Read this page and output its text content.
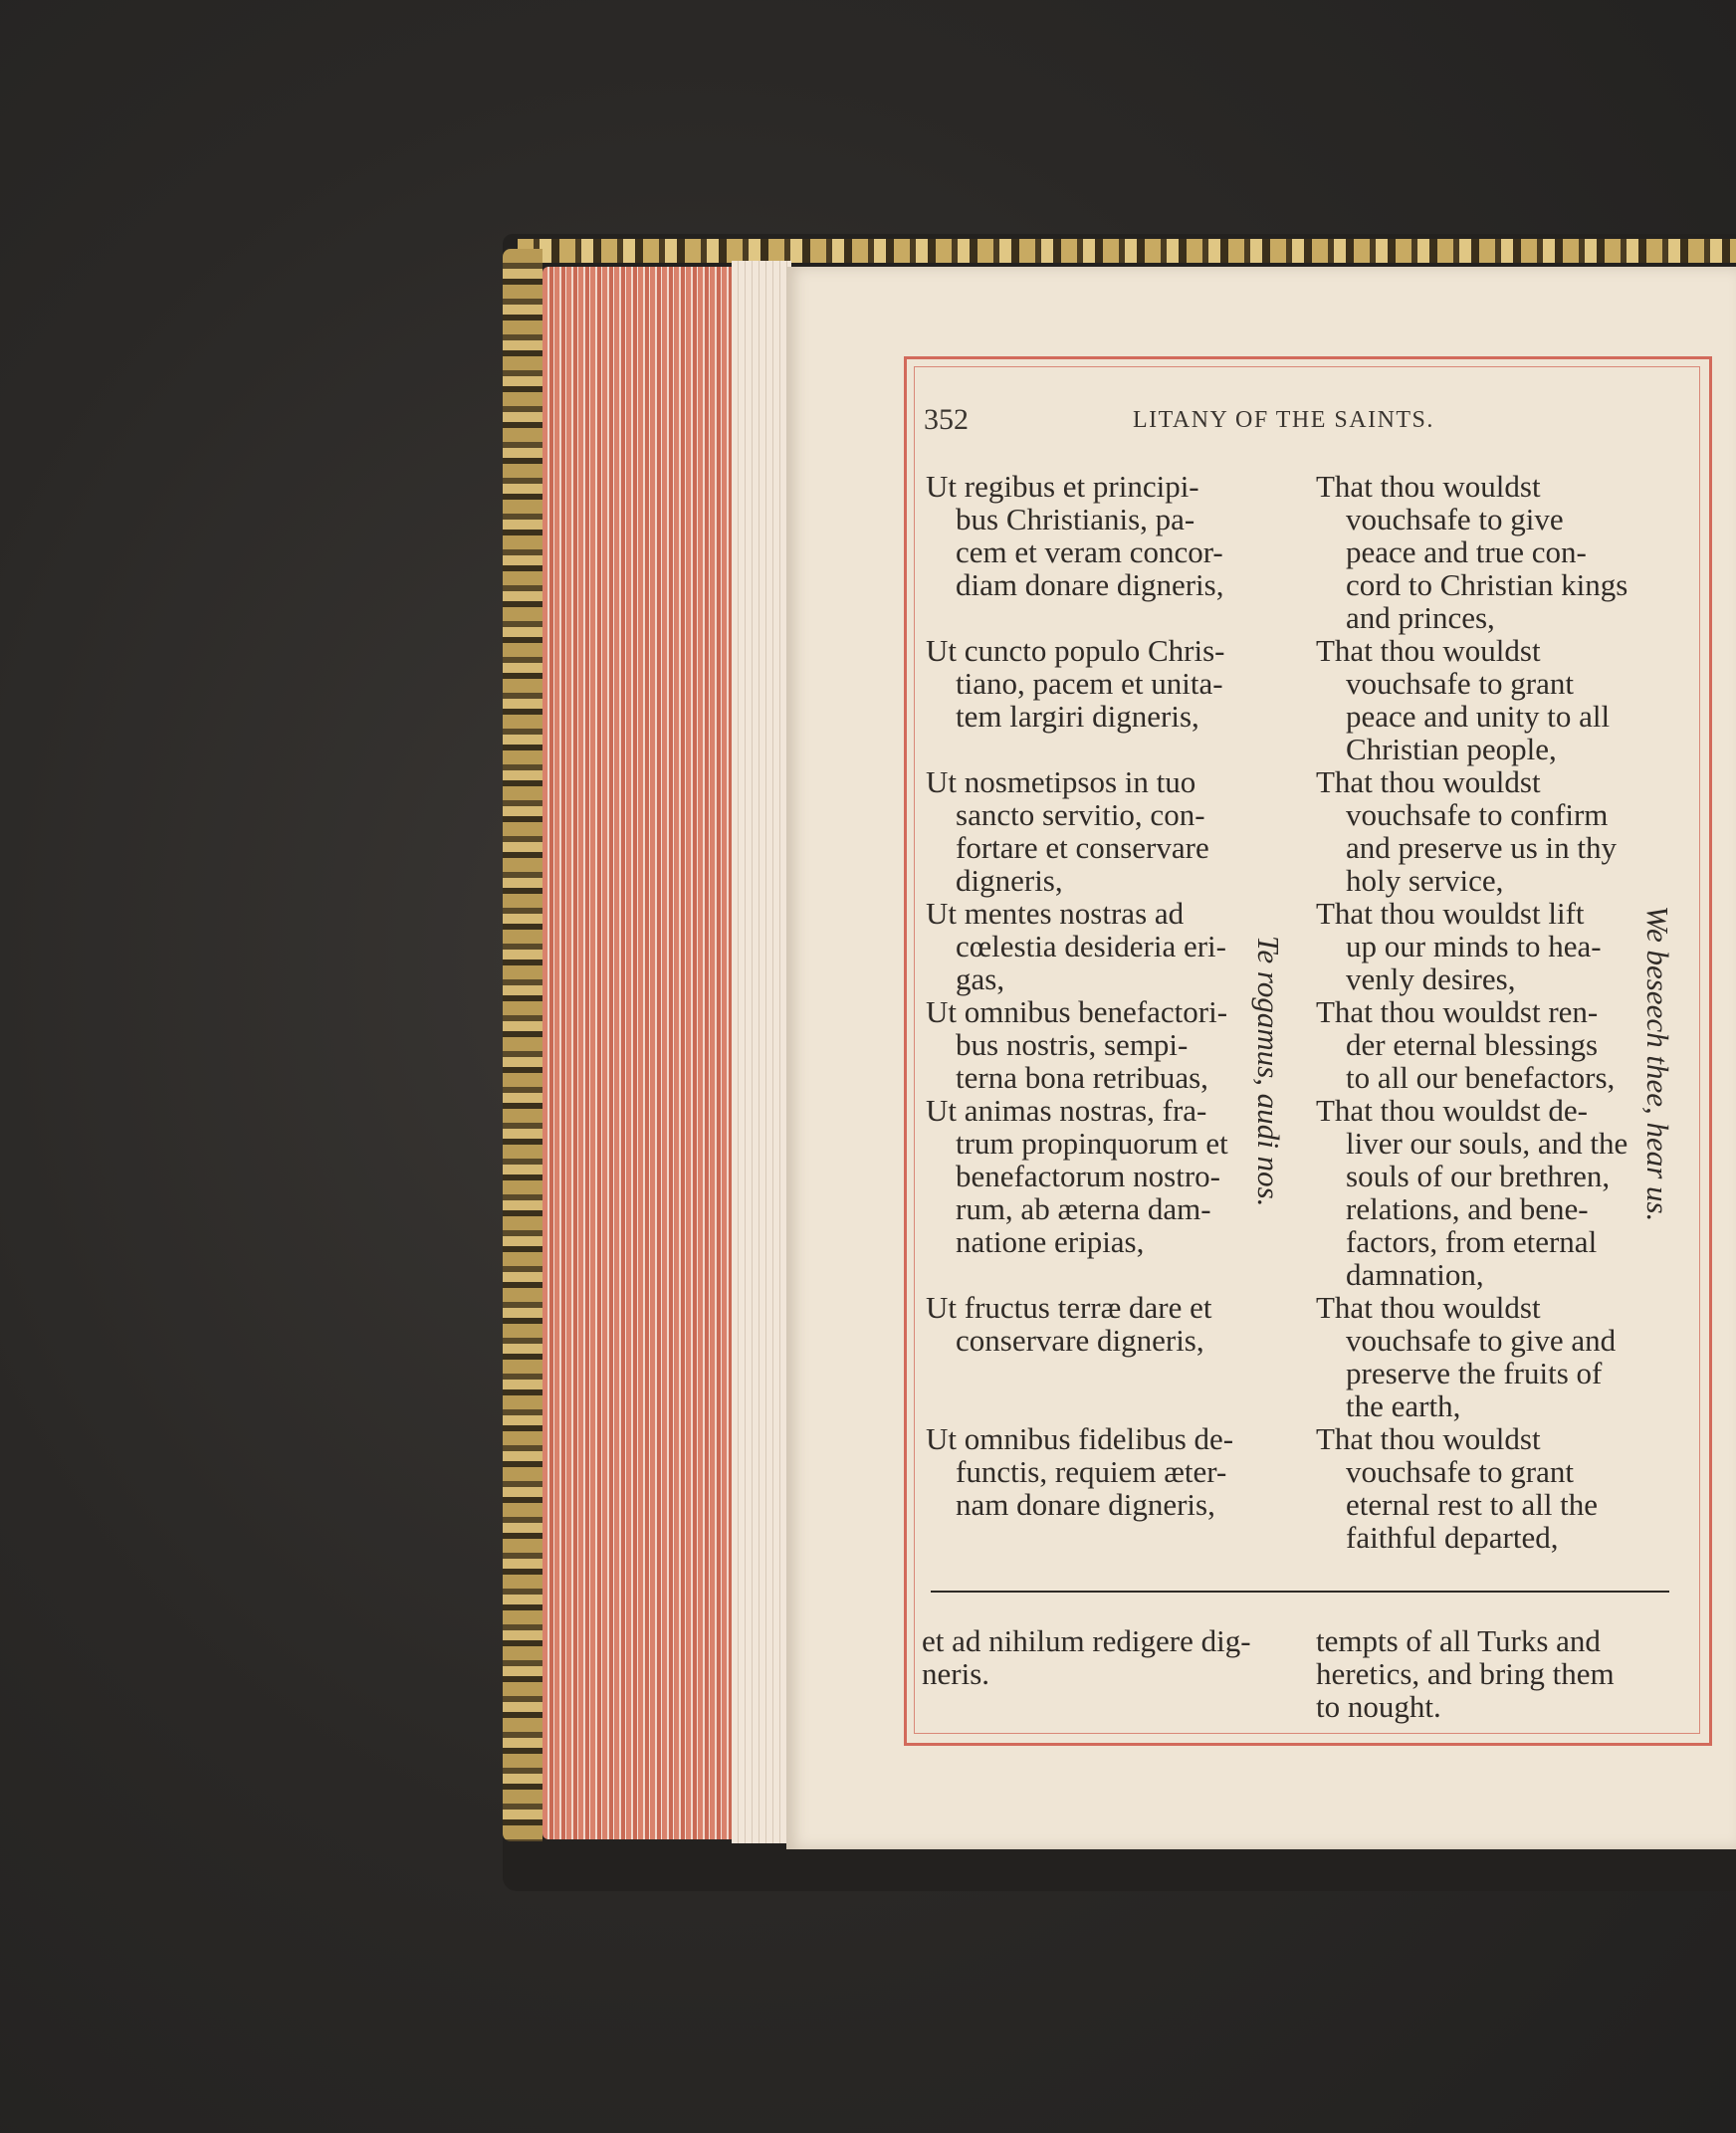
352	LITANY OF THE SAINTS.
Ut regibus et principi-
bus Christianis, pa-
cem et veram concor-
diam donare digneris,
Ut cuncto populo Chris-
tiano, pacem et unita-
tem largiri digneris,
Ut nosmetipsos in tuo
sancto servitio, con-
fortare et conservare
digneris,
Ut mentes nostras ad
cœlestia desideria eri-
gas,
Ut omnibus benefactori-
bus nostris, sempi-
terna bona retribuas,
Ut animas nostras, fra-
trum propinquorum et
benefactorum nostro-
rum, ab æterna dam-
natione eripias,
Ut fructus terræ dare et
conservare digneris,
Ut omnibus fidelibus de-
functis, requiem æter-
nam donare digneris,
That thou wouldst
vouchsafe to give
peace and true con-
cord to Christian kings
and princes,
That thou wouldst
vouchsafe to grant
peace and unity to all
Christian people,
That thou wouldst
vouchsafe to confirm
and preserve us in thy
holy service,
That thou wouldst lift
up our minds to hea-
venly desires,
That thou wouldst ren-
der eternal blessings
to all our benefactors,
That thou wouldst de-
liver our souls, and the
souls of our brethren,
relations, and bene-
factors, from eternal
damnation,
That thou wouldst
vouchsafe to give and
preserve the fruits of
the earth,
That thou wouldst
vouchsafe to grant
eternal rest to all the
faithful departed,
Te rogamus, audi nos.	We beseech thee, hear us.
et ad nihilum redigere dig-
neris.
tempts of all Turks and
heretics, and bring them
to nought.
